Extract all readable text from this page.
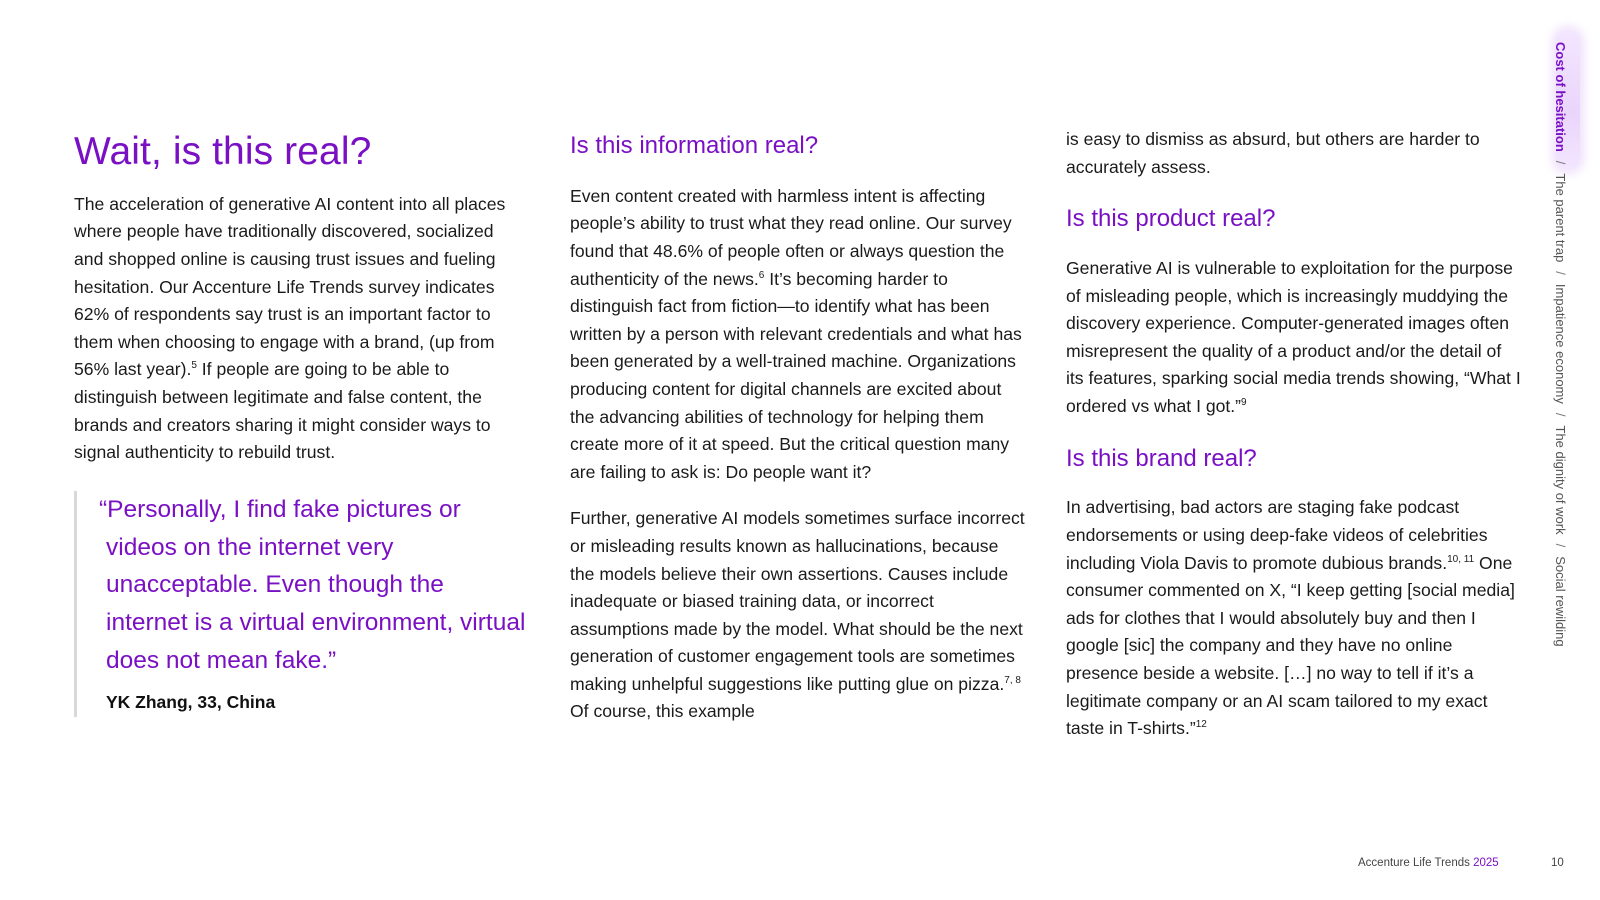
Wait, is this real?

The acceleration of generative AI content into all places where people have traditionally discovered, socialized and shopped online is causing trust issues and fueling hesitation. Our Accenture Life Trends survey indicates 62% of respondents say trust is an important factor to them when choosing to engage with a brand, (up from 56% last year).$^5$ If people are going to be able to distinguish between legitimate and false content, the brands and creators sharing it might consider ways to signal authenticity to rebuild trust.

“Personally, I find fake pictures or videos on the internet very unacceptable. Even though the internet is a virtual environment, virtual does not mean fake.”

YK Zhang, 33, China

Is this information real?

Even content created with harmless intent is affecting people’s ability to trust what they read online. Our survey found that 48.6% of people often or always question the authenticity of the news.$^6$ It’s becoming harder to distinguish fact from fiction—to identify what has been written by a person with relevant credentials and what has been generated by a well-trained machine. Organizations producing content for digital channels are excited about the advancing abilities of technology for helping them create more of it at speed. But the critical question many are failing to ask is: Do people want it?

Further, generative AI models sometimes surface incorrect or misleading results known as hallucinations, because the models believe their own assertions. Causes include inadequate or biased training data, or incorrect assumptions made by the model. What should be the next generation of customer engagement tools are sometimes making unhelpful suggestions like putting glue on pizza.$^{7, 8}$ Of course, this example

is easy to dismiss as absurd, but others are harder to accurately assess.

Is this product real?

Generative AI is vulnerable to exploitation for the purpose of misleading people, which is increasingly muddying the discovery experience. Computer-generated images often misrepresent the quality of a product and/or the detail of its features, sparking social media trends showing, “What I ordered vs what I got.”$^9$

Is this brand real?

In advertising, bad actors are staging fake podcast endorsements or using deep-fake videos of celebrities including Viola Davis to promote dubious brands.$^{10, 11}$ One consumer commented on X, “I keep getting [social media] ads for clothes that I would absolutely buy and then I google [sic] the company and they have no online presence beside a website. […] no way to tell if it’s a legitimate company or an AI scam tailored to my exact taste in T-shirts.”$^{12}$

Cost of hesitation/The parent trap/Impatience economy/The dignity of work/Social rewilding
Accenture Life Trends 2025	10
